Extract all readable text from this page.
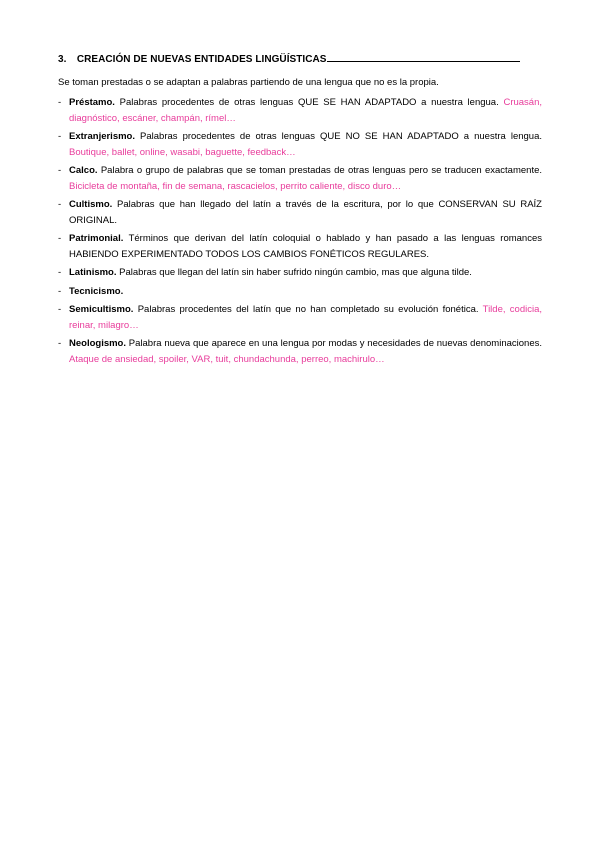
3. CREACIÓN DE NUEVAS ENTIDADES LINGÜÍSTICAS
Se toman prestadas o se adaptan a palabras partiendo de una lengua que no es la propia.
- Préstamo. Palabras procedentes de otras lenguas QUE SE HAN ADAPTADO a nuestra lengua. Cruasán, diagnóstico, escáner, champán, rímel…
- Extranjerismo. Palabras procedentes de otras lenguas QUE NO SE HAN ADAPTADO a nuestra lengua. Boutique, ballet, online, wasabi, baguette, feedback…
- Calco. Palabra o grupo de palabras que se toman prestadas de otras lenguas pero se traducen exactamente. Bicicleta de montaña, fin de semana, rascacielos, perrito caliente, disco duro…
- Cultismo. Palabras que han llegado del latín a través de la escritura, por lo que CONSERVAN SU RAÍZ ORIGINAL.
- Patrimonial. Términos que derivan del latín coloquial o hablado y han pasado a las lenguas romances HABIENDO EXPERIMENTADO TODOS LOS CAMBIOS FONÉTICOS REGULARES.
- Latinismo. Palabras que llegan del latín sin haber sufrido ningún cambio, mas que alguna tilde.
- Tecnicismo.
- Semicultismo. Palabras procedentes del latín que no han completado su evolución fonética. Tilde, codicia, reinar, milagro…
- Neologismo. Palabra nueva que aparece en una lengua por modas y necesidades de nuevas denominaciones. Ataque de ansiedad, spoiler, VAR, tuit, chundachunda, perreo, machirulo…
